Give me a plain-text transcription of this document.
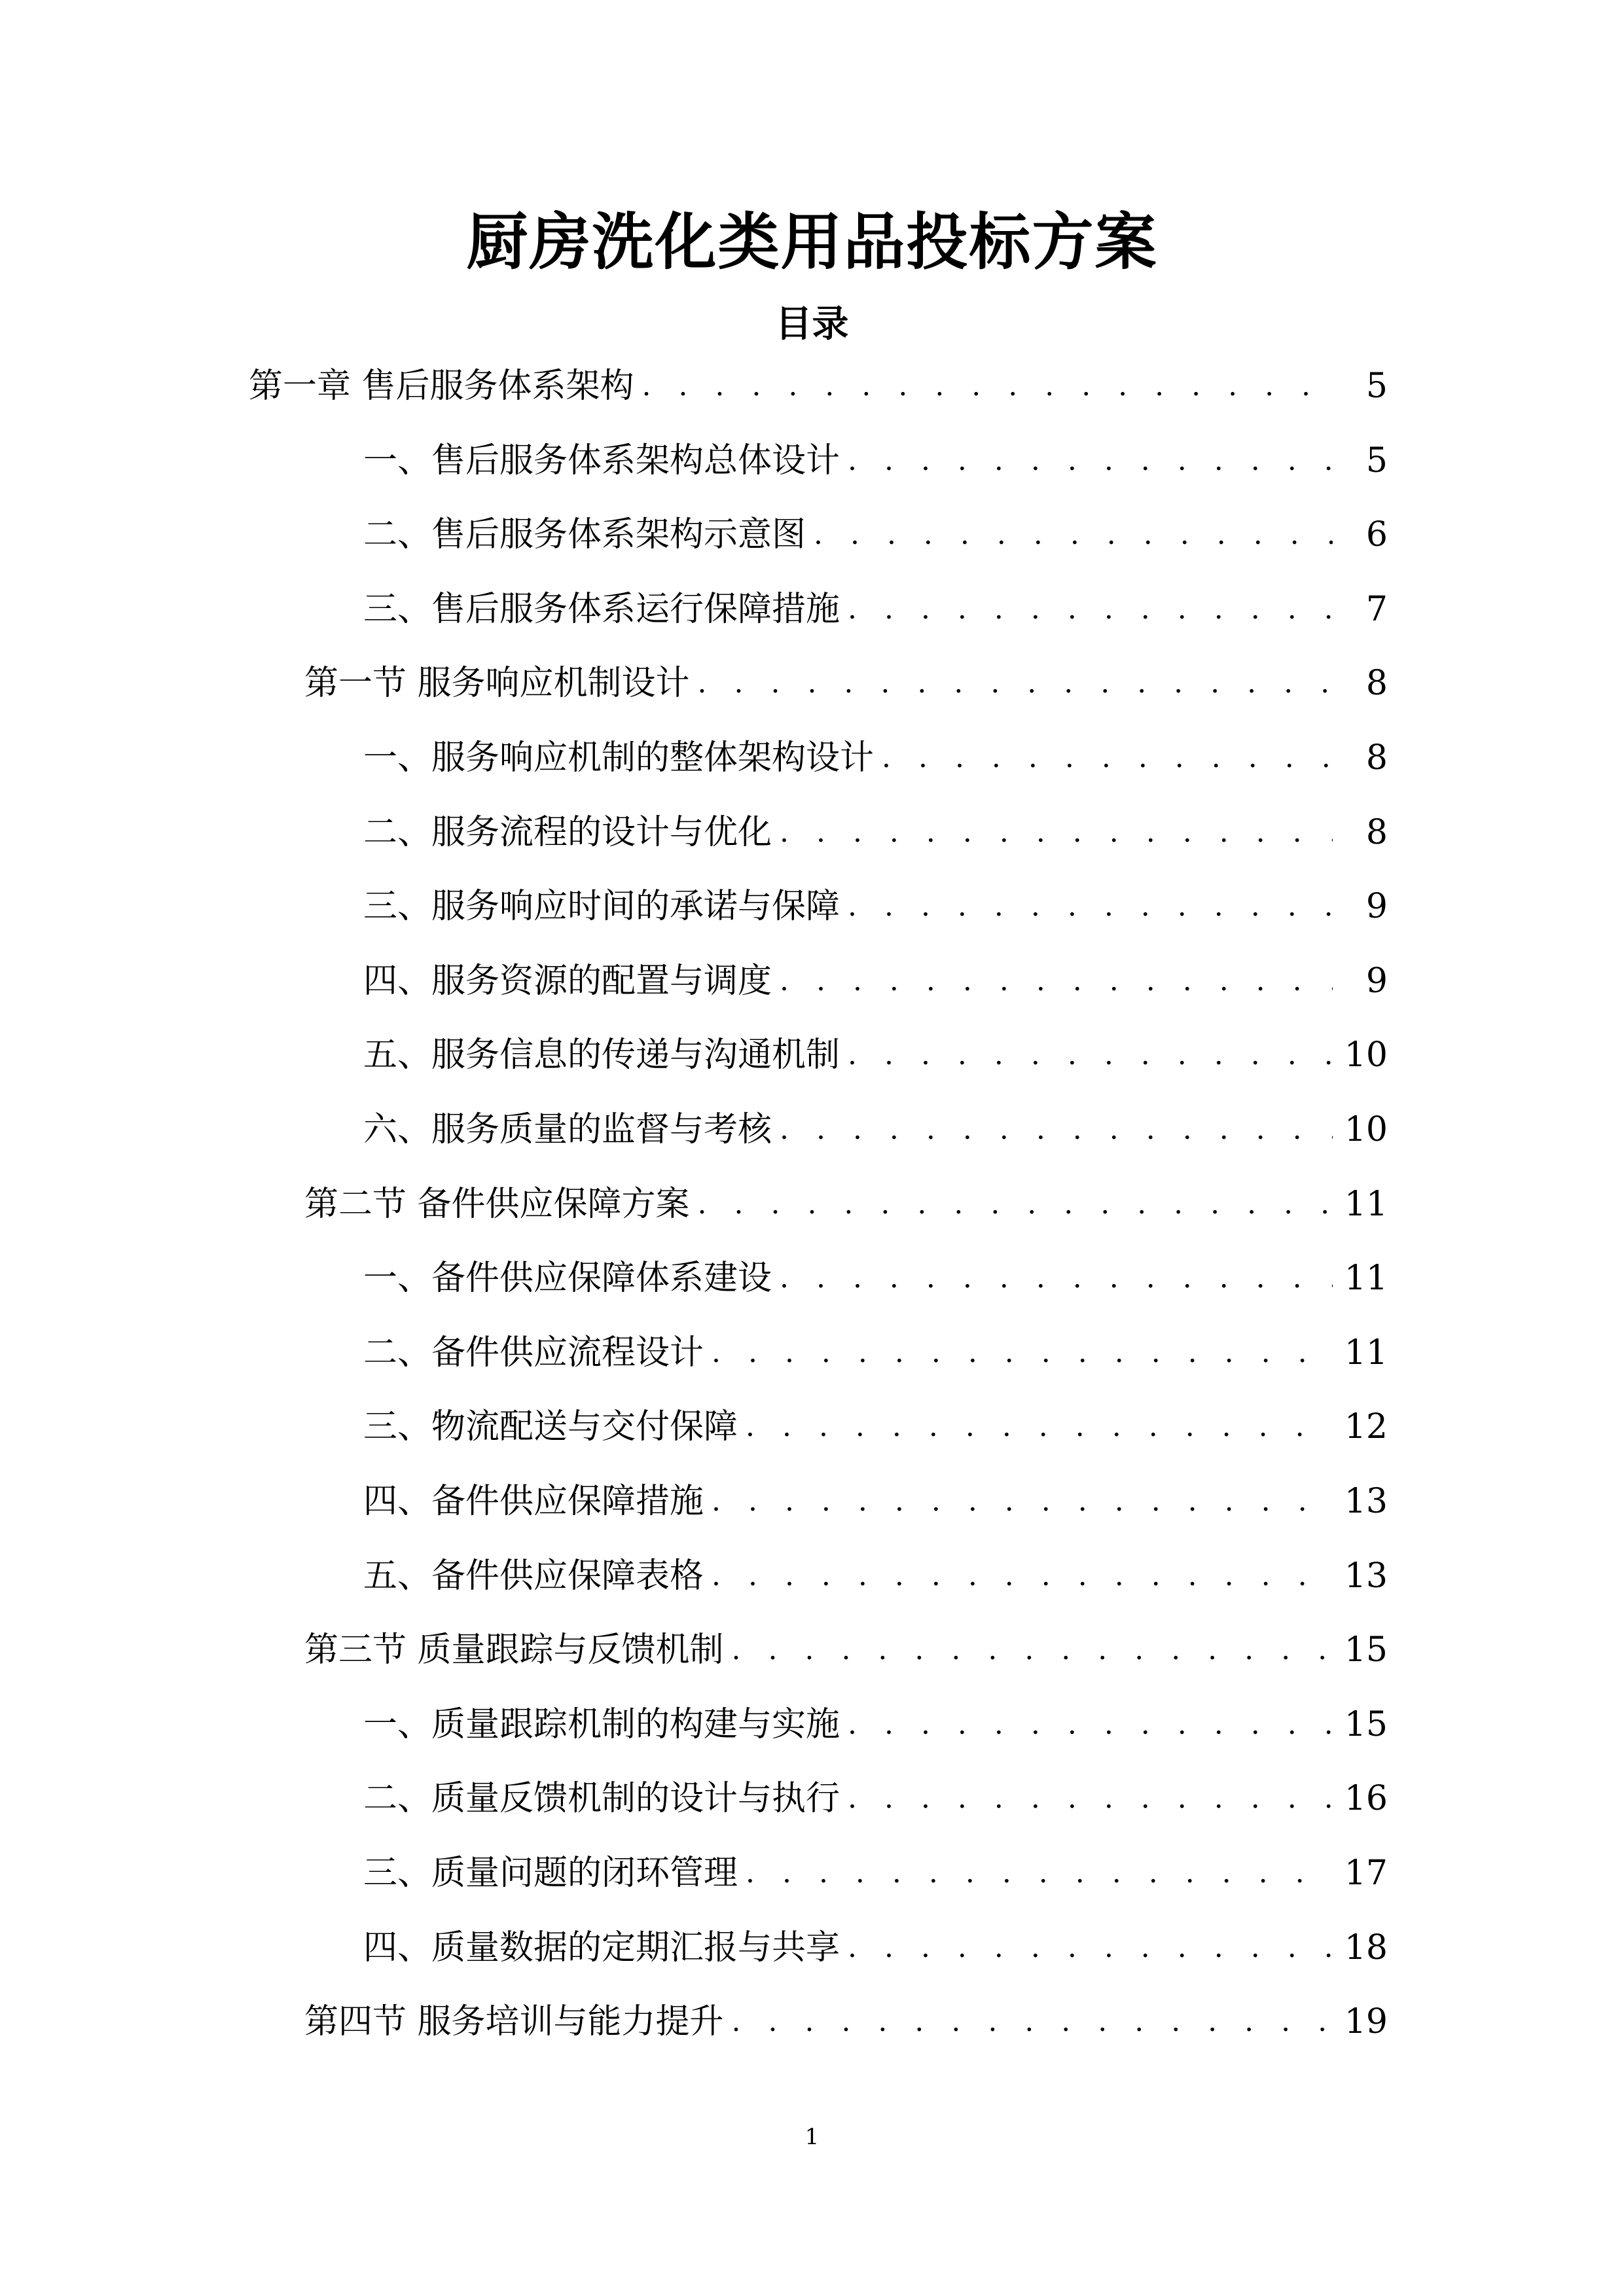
厨房洗化类用品投标方案
目录
第一章 售后服务体系架构 . . .	5
一、售后服务体系架构总体设计 . . .	5
二、售后服务体系架构示意图 . . .	6
三、售后服务体系运行保障措施 . . .	7
第一节 服务响应机制设计 . . .	8
一、服务响应机制的整体架构设计 . . .	8
二、服务流程的设计与优化 . . .	8
三、服务响应时间的承诺与保障 . . .	9
四、服务资源的配置与调度 . . .	9
五、服务信息的传递与沟通机制 . . .	10
六、服务质量的监督与考核 . . .	10
第二节 备件供应保障方案 . . .	11
一、备件供应保障体系建设 . . .	11
二、备件供应流程设计 . . .	11
三、物流配送与交付保障 . . .	12
四、备件供应保障措施 . . .	13
五、备件供应保障表格 . . .	13
第三节 质量跟踪与反馈机制 . . .	15
一、质量跟踪机制的构建与实施 . . .	15
二、质量反馈机制的设计与执行 . . .	16
三、质量问题的闭环管理 . . .	17
四、质量数据的定期汇报与共享 . . .	18
第四节 服务培训与能力提升 . . .	19
1
